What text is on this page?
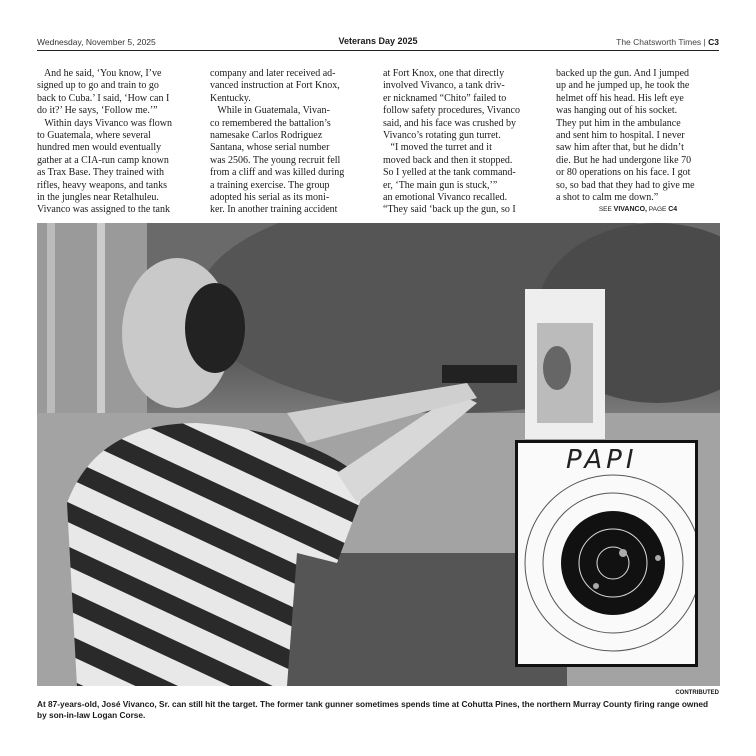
Wednesday, November 5, 2025	Veterans Day 2025	The Chatsworth Times | C3
And he said, ‘You know, I’ve
signed up to go and train to go
back to Cuba.’ I said, ‘How can I
do it?’ He says, ‘Follow me.’”
Within days Vivanco was flown
to Guatemala, where several
hundred men would eventually
gather at a CIA-run camp known
as Trax Base. They trained with
rifles, heavy weapons, and tanks
in the jungles near Retalhuleu.
Vivanco was assigned to the tank
company and later received ad-
vanced instruction at Fort Knox,
Kentucky.
While in Guatemala, Vivan-
co remembered the battalion’s
namesake Carlos Rodriguez
Santana, whose serial number
was 2506. The young recruit fell
from a cliff and was killed during
a training exercise. The group
adopted his serial as its moni-
ker. In another training accident
at Fort Knox, one that directly
involved Vivanco, a tank driv-
er nicknamed “Chito” failed to
follow safety procedures, Vivanco
said, and his face was crushed by
Vivanco’s rotating gun turret.
“I moved the turret and it
moved back and then it stopped.
So I yelled at the tank command-
er, ‘The main gun is stuck,’”
an emotional Vivanco recalled.
“They said ‘back up the gun, so I
backed up the gun. And I jumped
up and he jumped up, he took the
helmet off his head. His left eye
was hanging out of his socket.
They put him in the ambulance
and sent him to hospital. I never
saw him after that, but he didn’t
die. But he had undergone like 70
or 80 operations on his face. I got
so, so bad that they had to give me
a shot to calm me down.”
SEE VIVANCO, PAGE C4
PAPI
CONTRIBUTED
At 87-years-old, José Vivanco, Sr. can still hit the target. The former tank gunner sometimes spends time at Cohutta Pines, the northern Murray County firing range owned by son-in-law Logan Corse.
